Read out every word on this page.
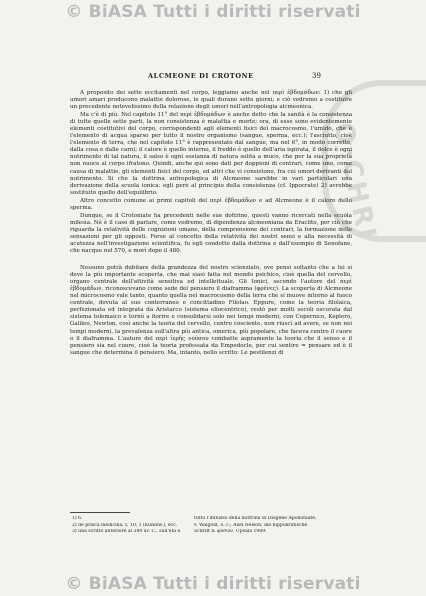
© BiASA Tutti i diritti riservati
O·CHRI
ALCMEONE DI CROTONE	39

A proposito dei sette eccitamenti nel corpo, leggiamo anche nel περὶ ἑβδομάδων: 1) che gli umori amari producono malattie dolorose, le quali durano sette giorni; e ciò vedremo a costituire un precedente notevolissimo della relazione degli umori nell'antropologia alcmeonica.

Ma c'è di più. Nel capitolo 11° del περὶ ἑβδομάδων è anche detto che la sanità è la consistenza di tutte quelle sette parti, la non consistenza è malattia e morte; ora, di esse sono evidentemente elementi costitutivi del corpo, corrispondenti agli elementi fisici del macrocosmo, l'umido, che è l'elemento di acqua sparso per tutto il nostro organismo (sangue, sperma, ecc.); l'asciutto, cioè l'elemento di terra, che nel capitolo 11° è rappresentato dal sangue, ma nel 6°, in modo corretto, dalla cosa e dalle carni; il calore è quello interno, il freddo è quello dell'aria ispirata, il dolce è ogni nutrimento di tal natura, il salso è ogni sostanza di natura solita a muco, che per la sua proprietà non nuoce al corpo ifratono. Quindi, anche qui sono dati per doppioni di contrari, come uno, come causa di malattie, gli elementi fisici del corpo, ed altri che vi consistono, fra cui umori derivanti dal nutrimento. Si che la dottrina antropologica di Alcmeone sarebbe in vari particolari una derivazione della scuola ionica: egli però al principio della consistenza (cf. Ippocrate) 2) avrebbe sostituito quello dell'equilibrio.

Altro concetto comune ai primi capitoli del περὶ ἑβδομάδων e ad Alcmeone è il calore dello sperma.

Dunque, se il Crotoniate ha precedenti nelle sue dottrine, questi vanno ricercati nella scuola milesia. Nè è il caso di parlare, come vedremo, di dipendenza alcmeoniana da Eraclito, per ciò che riguarda la relatività delle cognizioni umane, della comprensione dei contrari, la formazione delle sensazioni per gli opposti. Forse al concetto della relatività dei nostri sensi e alla necessità di acutezza nell'investigazione scientifica, fu egli condotto dalla dottrina e dall'esempio di Senofane, che nacque nel 570, e morì dopo il 480.

Nessuno potrà dubitare della grandezza del nostro scienziato, ove pensi soltanto che a lui si deve la più importante scoperta, che mai siasi fatta nel mondo psichico, cioè quella del cervello, organo centrale dell'attività sensitiva ed intellettuale. Gli Ionici, secondo l'autore del περὶ ἑβδομάδων, riconoscevano come sede del pensiero il diaframma (φρένες). La scoperta di Alcmeone nel microcosmo vale tanto, quanto quella nel macrocosmo della terra che si muove intorno al fuoco centrale, dovuta al suo conterraneo e concittadino Filolao. Eppure, come la teoria filolaica, perfezionata ed integrata da Aristarco (sistema eliocentrico), restò per molti secoli oscurata dal sistema tolemaico e tornò a fiorire e consolidarsi solo nei tempi moderni, con Copernico, Keplero, Galileo, Newton, così anche la teoria del cervello, centro cosciente, non riuscì ad avere, se non nei tempi moderni, la prevalenza sull'altra più antica, omerica, più popolare, che faceva centro il cuore o il diaframma. L'autore del περὶ ἱερῆς νούσου combatte aspramente la teoria che il senso e il pensiero sia nel cuore, cioè la teoria professata da Empedocle, per cui sentire = pensare ed è il sangue che determina il pensiero. Ma, intanto, nello scritto: Le pestilenzi di

1) 6.	tutto l'influsso della dottrina di Diogene Apolloniate,
2) de prisca medicina, I, 10, 1 (Kühlew.), ecc.	v. Walgold, o. c.; Axel Nelson, die hippokratische
3) una scritto anteriore al 380 av. C., sull'età e	Schrift π. φυσῶν, Upsala 1909.
© BiASA Tutti i diritti riservati
